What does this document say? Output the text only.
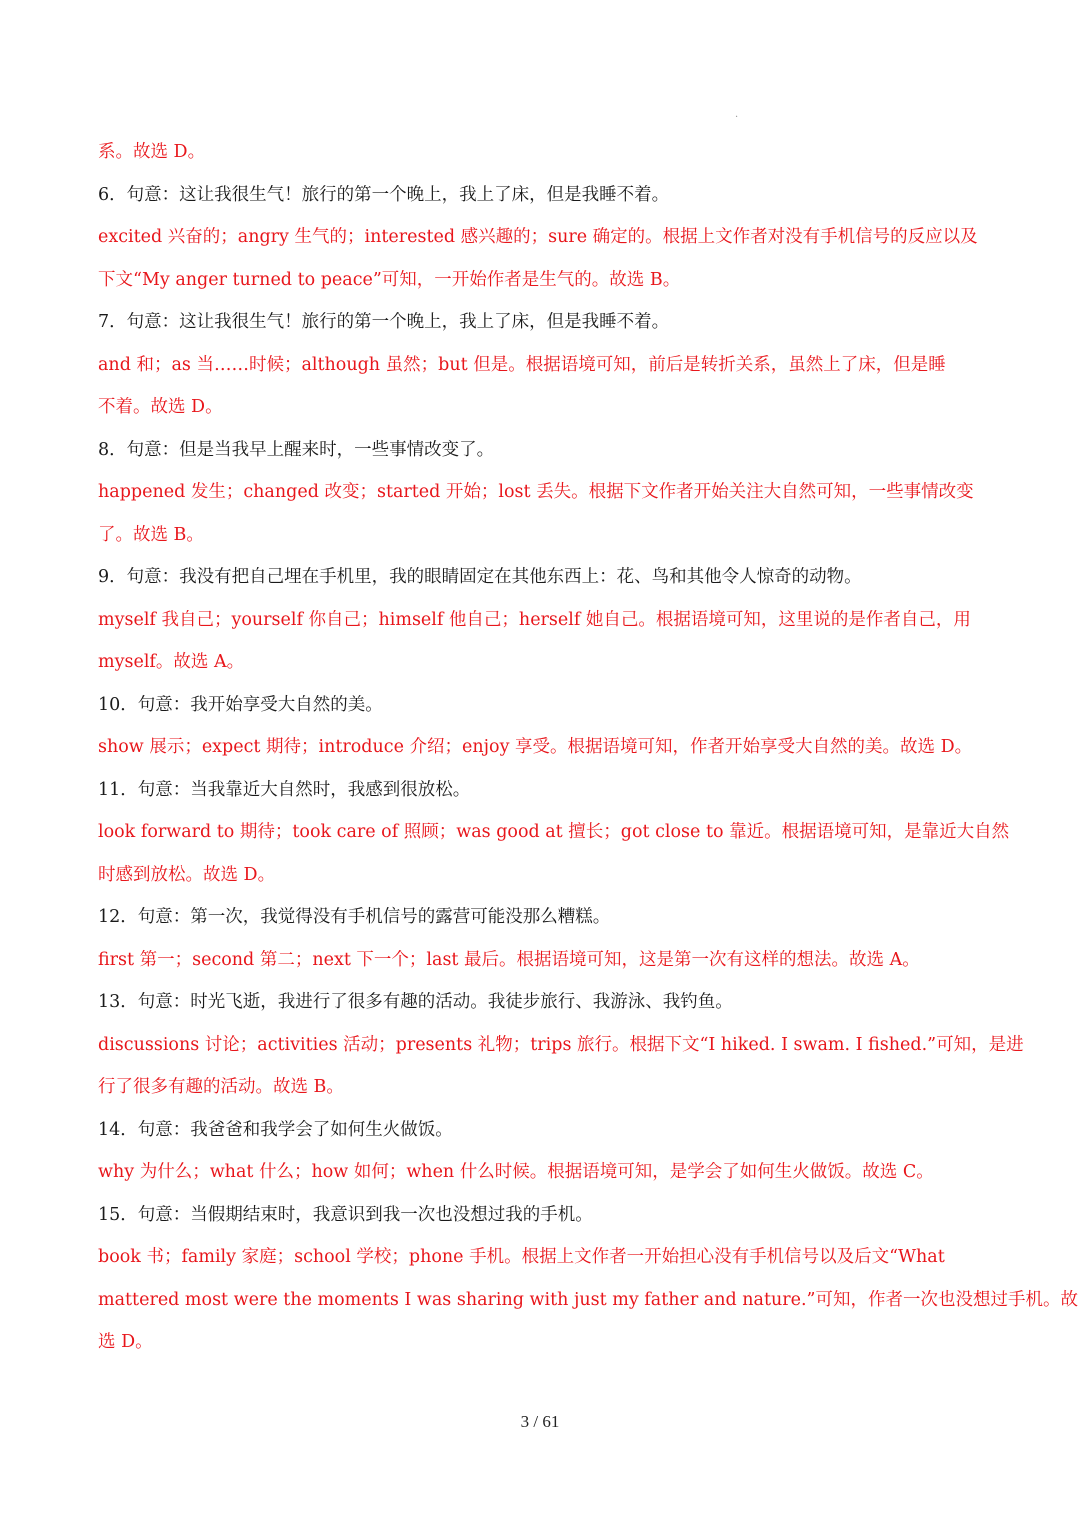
·
系。故选 D。
6．句意：这让我很生气！旅行的第一个晚上，我上了床，但是我睡不着。
excited 兴奋的；angry 生气的；interested 感兴趣的；sure 确定的。根据上文作者对没有手机信号的反应以及
下文“My anger turned to peace”可知，一开始作者是生气的。故选 B。
7．句意：这让我很生气！旅行的第一个晚上，我上了床，但是我睡不着。
and 和；as 当……时候；although 虽然；but 但是。根据语境可知，前后是转折关系，虽然上了床，但是睡
不着。故选 D。
8．句意：但是当我早上醒来时，一些事情改变了。
happened 发生；changed 改变；started 开始；lost 丢失。根据下文作者开始关注大自然可知，一些事情改变
了。故选 B。
9．句意：我没有把自己埋在手机里，我的眼睛固定在其他东西上：花、鸟和其他令人惊奇的动物。
myself 我自己；yourself 你自己；himself 他自己；herself 她自己。根据语境可知，这里说的是作者自己，用
myself。故选 A。
10．句意：我开始享受大自然的美。
show 展示；expect 期待；introduce 介绍；enjoy 享受。根据语境可知，作者开始享受大自然的美。故选 D。
11．句意：当我靠近大自然时，我感到很放松。
look forward to 期待；took care of 照顾；was good at 擅长；got close to 靠近。根据语境可知，是靠近大自然
时感到放松。故选 D。
12．句意：第一次，我觉得没有手机信号的露营可能没那么糟糕。
first 第一；second 第二；next 下一个；last 最后。根据语境可知，这是第一次有这样的想法。故选 A。
13．句意：时光飞逝，我进行了很多有趣的活动。我徒步旅行、我游泳、我钓鱼。
discussions 讨论；activities 活动；presents 礼物；trips 旅行。根据下文“I hiked. I swam. I fished.”可知，是进
行了很多有趣的活动。故选 B。
14．句意：我爸爸和我学会了如何生火做饭。
why 为什么；what 什么；how 如何；when 什么时候。根据语境可知，是学会了如何生火做饭。故选 C。
15．句意：当假期结束时，我意识到我一次也没想过我的手机。
book 书；family 家庭；school 学校；phone 手机。根据上文作者一开始担心没有手机信号以及后文“What
mattered most were the moments I was sharing with just my father and nature.”可知，作者一次也没想过手机。故
选 D。
3 / 61
